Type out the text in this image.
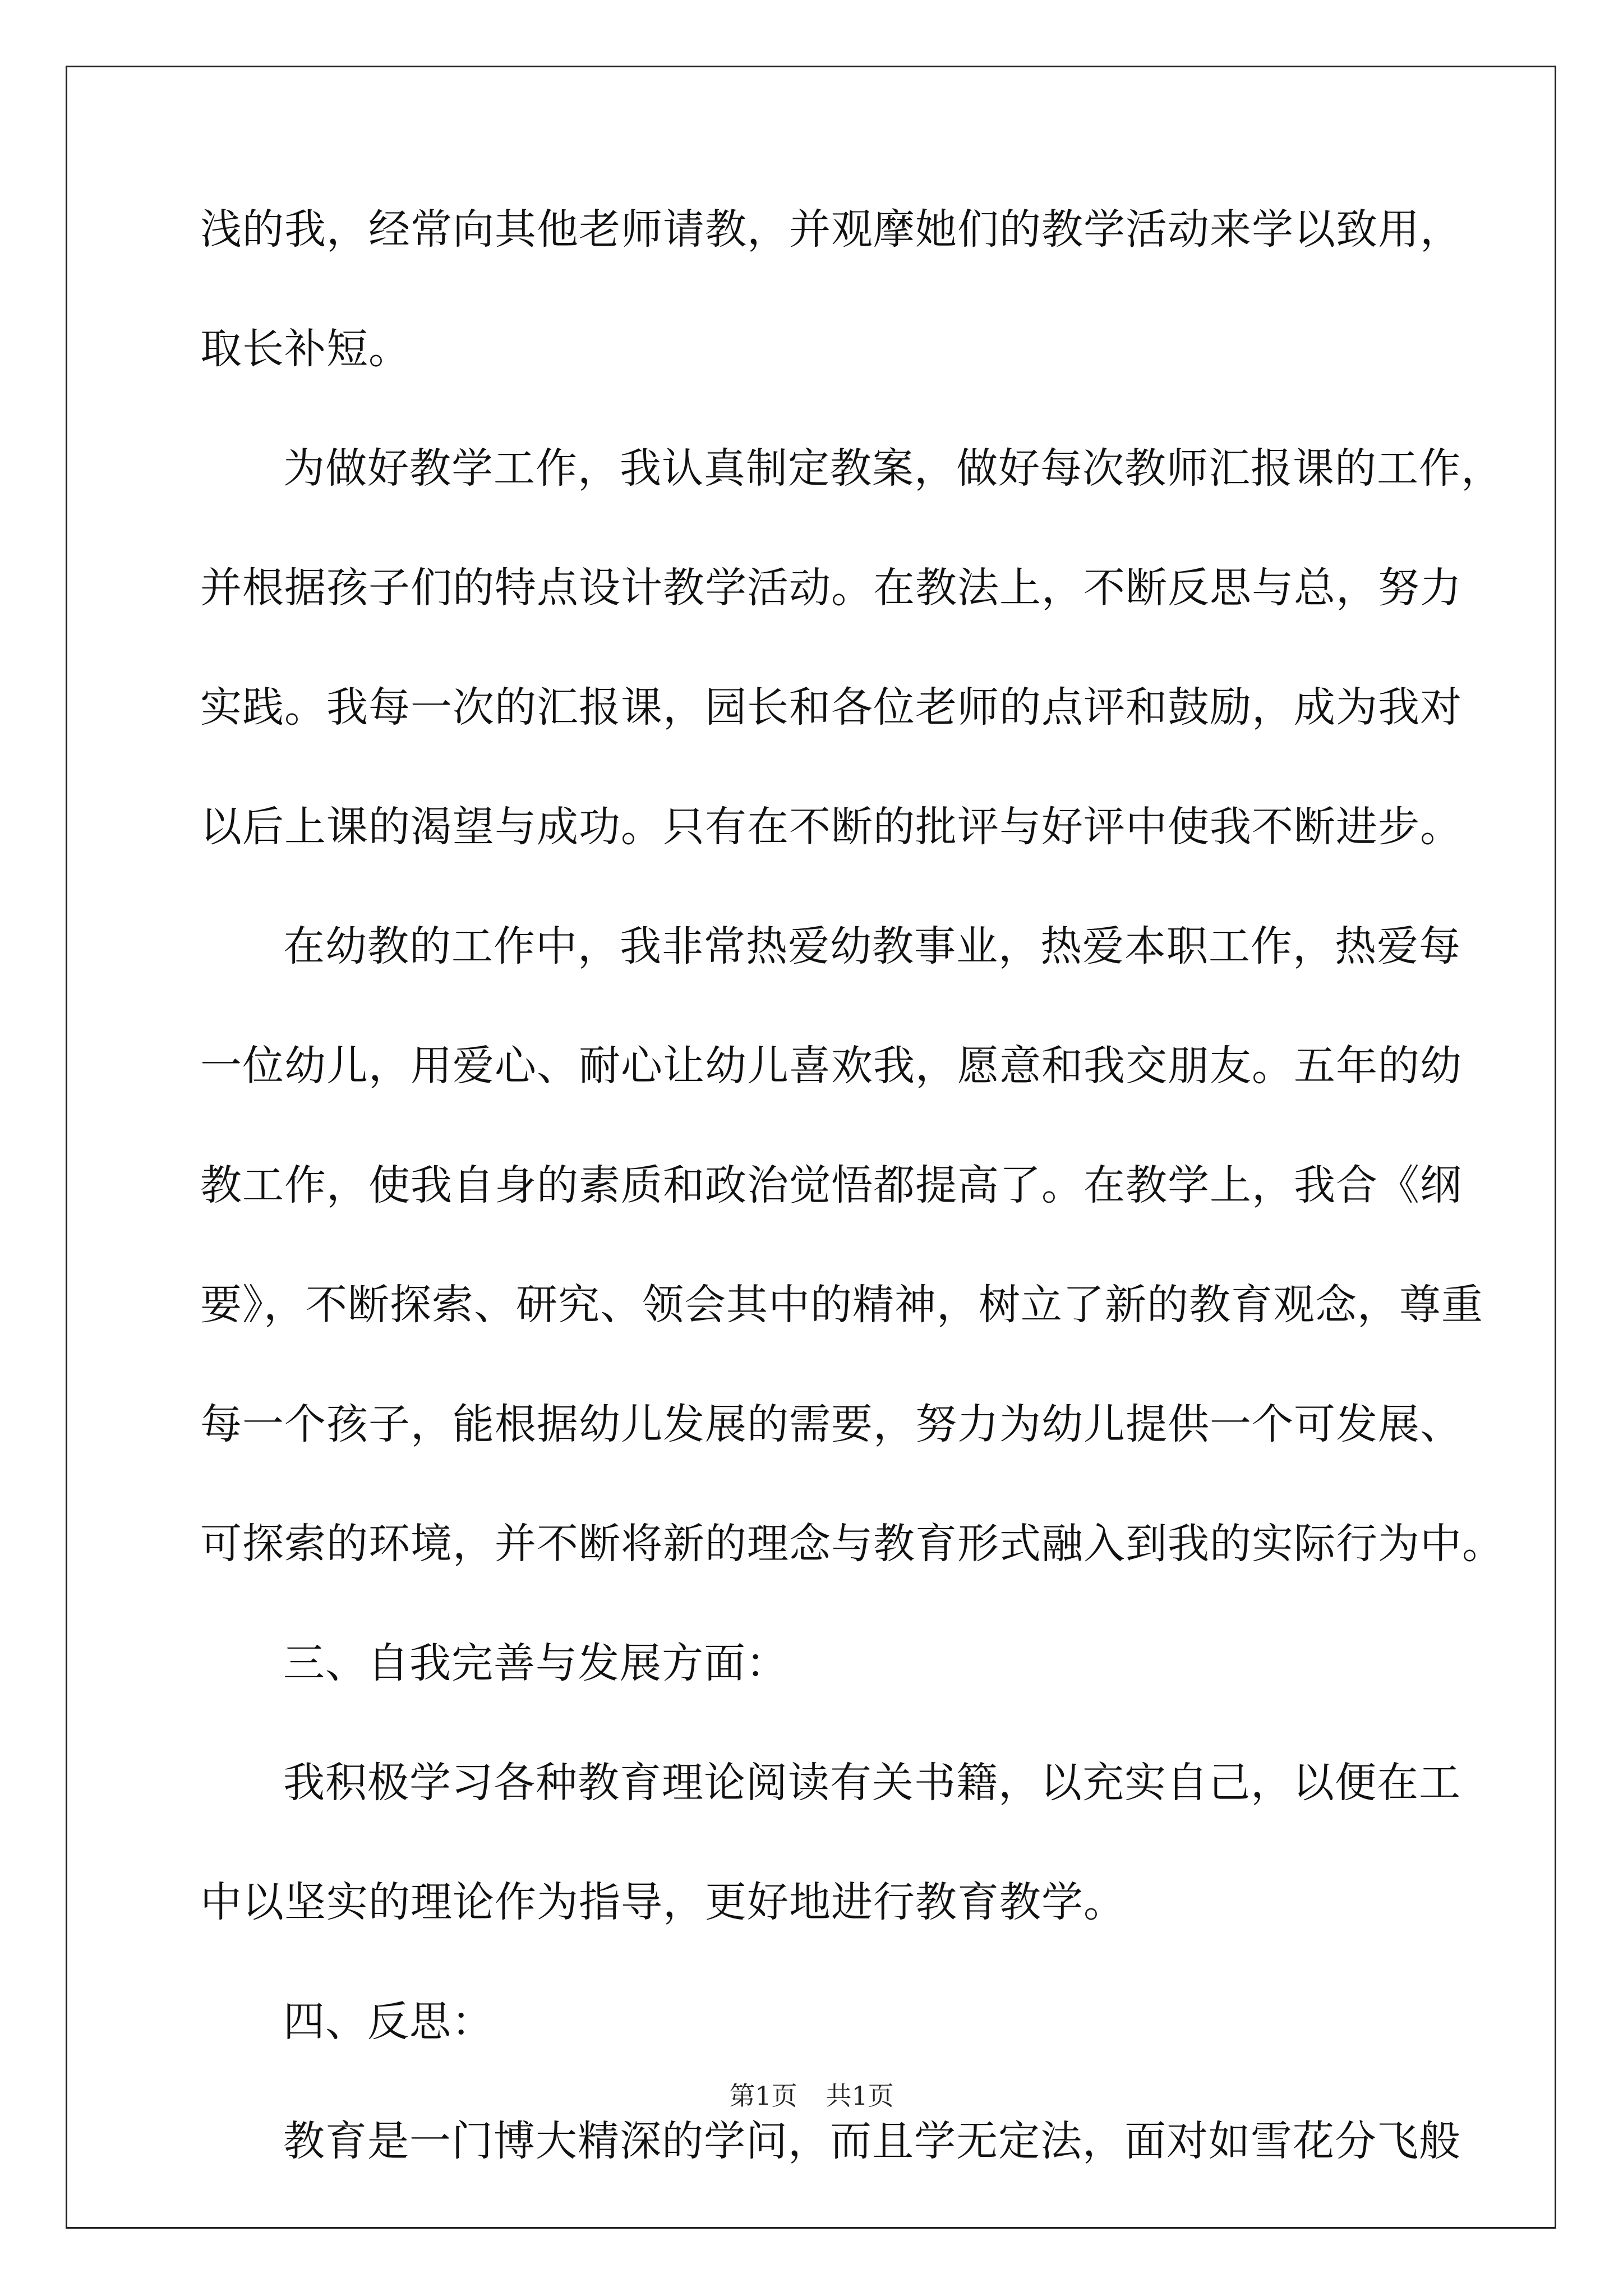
浅的我，经常向其他老师请教，并观摩她们的教学活动来学以致用，
取长补短。
为做好教学工作，我认真制定教案，做好每次教师汇报课的工作，
并根据孩子们的特点设计教学活动。在教法上，不断反思与总，努力
实践。我每一次的汇报课，园长和各位老师的点评和鼓励，成为我对
以后上课的渴望与成功。只有在不断的批评与好评中使我不断进步。
在幼教的工作中，我非常热爱幼教事业，热爱本职工作，热爱每
一位幼儿，用爱心、耐心让幼儿喜欢我，愿意和我交朋友。五年的幼
教工作，使我自身的素质和政治觉悟都提高了。在教学上，我合《纲
要》，不断探索、研究、领会其中的精神，树立了新的教育观念，尊重
每一个孩子，能根据幼儿发展的需要，努力为幼儿提供一个可发展、
可探索的环境，并不断将新的理念与教育形式融入到我的实际行为中。
三、自我完善与发展方面：
我积极学习各种教育理论阅读有关书籍，以充实自己，以便在工
中以坚实的理论作为指导，更好地进行教育教学。
四、反思：
教育是一门博大精深的学问，而且学无定法，面对如雪花分飞般
第1页 共1页
